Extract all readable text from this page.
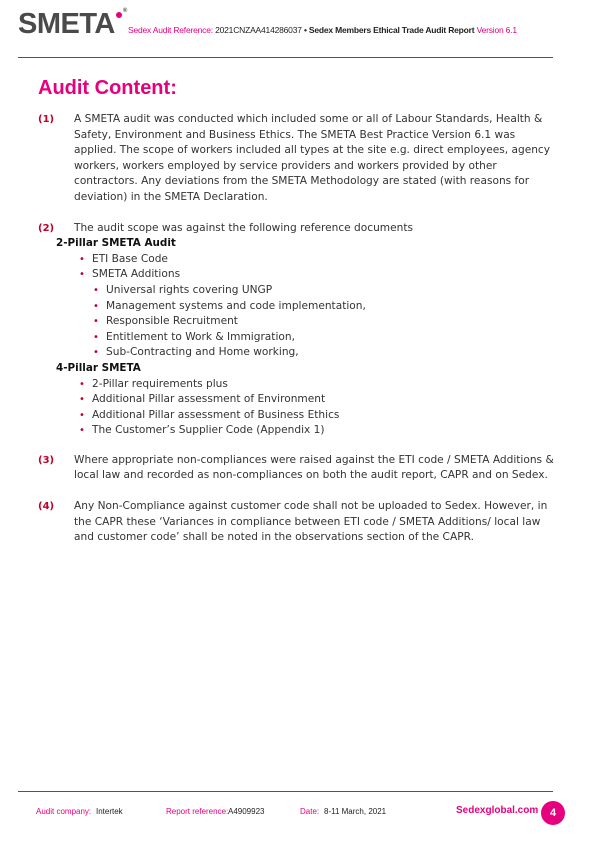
SMETA ®
Sedex Audit Reference: 2021CNZAA414286037 • Sedex Members Ethical Trade Audit Report Version 6.1
Audit Content:
(1)	A SMETA audit was conducted which included some or all of Labour Standards, Health & Safety, Environment and Business Ethics. The SMETA Best Practice Version 6.1 was applied. The scope of workers included all types at the site e.g. direct employees, agency workers, workers employed by service providers and workers provided by other contractors. Any deviations from the SMETA Methodology are stated (with reasons for deviation) in the SMETA Declaration.
(2)	The audit scope was against the following reference documents
2-Pillar SMETA Audit
• ETI Base Code
• SMETA Additions
• Universal rights covering UNGP
• Management systems and code implementation,
• Responsible Recruitment
• Entitlement to Work & Immigration,
• Sub-Contracting and Home working,
4-Pillar SMETA
• 2-Pillar requirements plus
• Additional Pillar assessment of Environment
• Additional Pillar assessment of Business Ethics
• The Customer’s Supplier Code (Appendix 1)
(3)	Where appropriate non-compliances were raised against the ETI code / SMETA Additions & local law and recorded as non-compliances on both the audit report, CAPR and on Sedex.
(4)	Any Non-Compliance against customer code shall not be uploaded to Sedex. However, in the CAPR these ‘Variances in compliance between ETI code / SMETA Additions/ local law and customer code’ shall be noted in the observations section of the CAPR.
Audit company: Intertek	Report reference: A4909923	Date: 8-11 March, 2021	Sedexglobal.com	4
